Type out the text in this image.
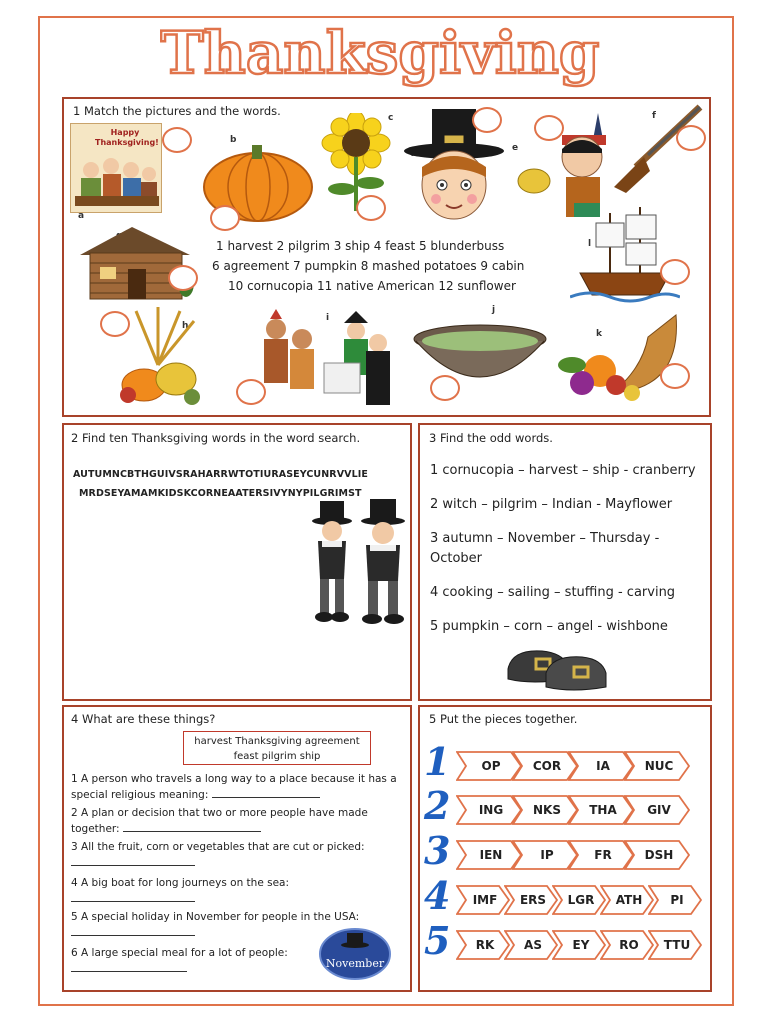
Thanksgiving
1 Match the pictures and the words.
Happy Thanksgiving!
a
b
c
e
f
1 harvest 2 pilgrim 3 ship 4 feast 5 blunderbuss
6 agreement 7 pumpkin 8 mashed potatoes 9 cabin
10 cornucopia 11 native American 12 sunflower
l
h
i
j
k
2 Find ten Thanksgiving words in the word search.
AUTUMNCBTHGUIVSRAHARRWTOTIURASEYCUNRVVLIE
MRDSEYAMAMKIDSKCORNEAATERSIVYNYPILGRIMST
3 Find the odd words.
1 cornucopia – harvest – ship - cranberry
2 witch – pilgrim – Indian - Mayflower
3 autumn – November – Thursday - October
4 cooking – sailing – stuffing - carving
5 pumpkin – corn – angel - wishbone
4 What are these things?
harvest Thanksgiving agreement
feast pilgrim ship
1 A person who travels a long way to a place because it has a special religious meaning:
2 A plan or decision that two or more people have made together:
3 All the fruit, corn or vegetables that are cut or picked:

4 A big boat for long journeys on the sea:

5 A special holiday in November for people in the USA:

6 A large special meal for a lot of people:

November
5 Put the pieces together.
1	OP	COR	IA	NUC
2	ING	NKS	THA	GIV
3	IEN	IP	FR	DSH
4	IMF	ERS	LGR	ATH	PI
5	RK	AS	EY	RO	TTU
